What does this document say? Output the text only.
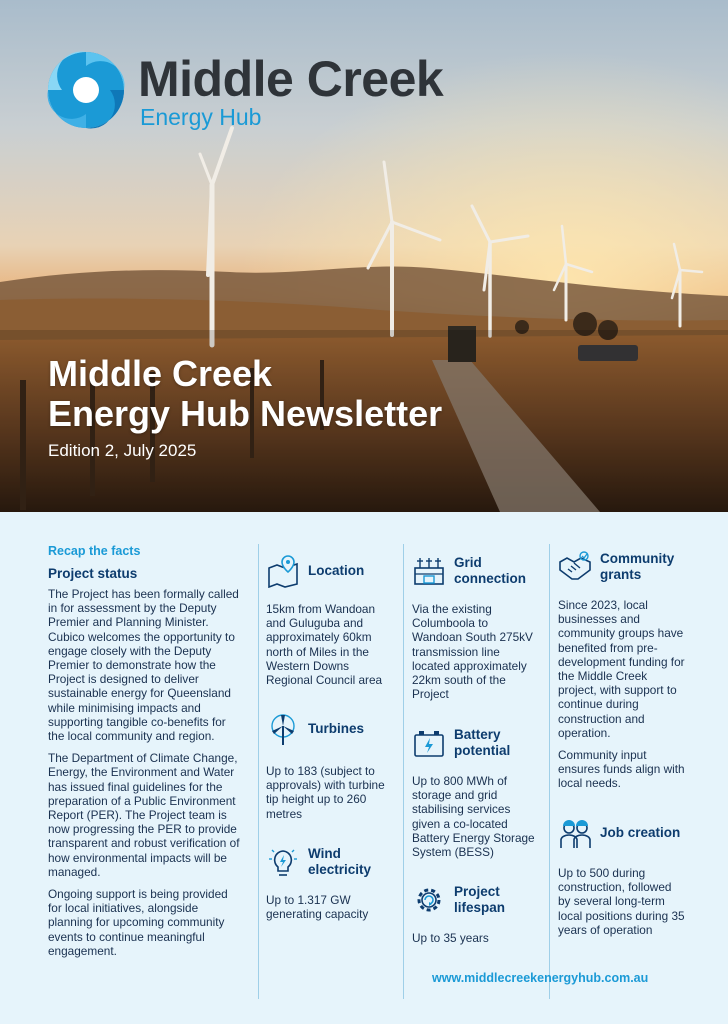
Middle Creek
Energy Hub
Middle Creek
Energy Hub Newsletter
Edition 2, July 2025
Recap the facts
Project status

The Project has been formally called in for assessment by the Deputy Premier and Planning Minister. Cubico welcomes the opportunity to engage closely with the Deputy Premier to demonstrate how the Project is designed to deliver sustainable energy for Queensland while minimising impacts and supporting tangible co-benefits for the local community and region.

The Department of Climate Change, Energy, the Environment and Water has issued final guidelines for the preparation of a Public Environment Report (PER). The Project team is now progressing the PER to provide transparent and robust verification of how environmental impacts will be managed.

Ongoing support is being provided for local initiatives, alongside planning for upcoming community events to continue meaningful engagement.

Location
15km from Wandoan and Guluguba and approximately 60km north of Miles in the Western Downs Regional Council area
Turbines
Up to 183 (subject to approvals) with turbine tip height up to 260 metres
Wind electricity
Up to 1.317 GW generating capacity
Grid connection
Via the existing Columboola to Wandoan South 275kV transmission line located approximately 22km south of the Project
Battery potential
Up to 800 MWh of storage and grid stabilising services given a co-located Battery Energy Storage System (BESS)
Project lifespan
Up to 35 years
Community grants
Since 2023, local businesses and community groups have benefited from pre-development funding for the Middle Creek project, with support to continue during construction and operation.
Community input ensures funds align with local needs.
Job creation
Up to 500 during construction, followed by several long-term local positions during 35 years of operation
www.middlecreekenergyhub.com.au
